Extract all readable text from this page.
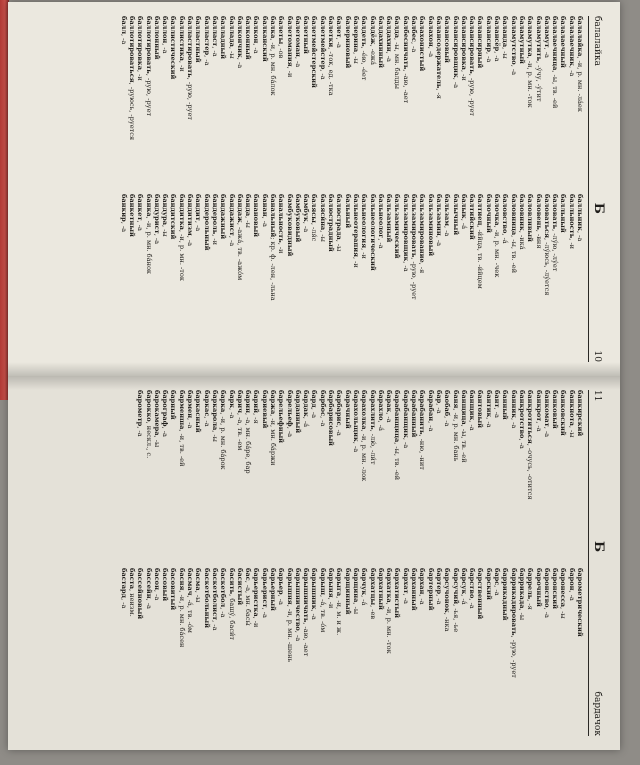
балалайка
Б
10

балалайка, -и, р. мн. -ла́ек

балалаечник, -а

балалаечный

балалаечница, -ы, тв. -ей

баламут, -а

баламутить, -у́чу, -у́тит

баламутка, -и, р. мн. -ток

баламутный

баламутство, -а

баланда, -ы

балансёр, -а

балансир, -а

балансирный

балансировать, -рую, -рует

балансировка, -и

балансировщик, -а

балансовый

балансодержатель, -я

балахон, -а

балахонистый

балбес, -а

балбесничать, -аю, -ает

балда, -ы, мн. балды

балдахин, -а

балдахинный

балдёж, -ежа́

балдеть, -е́ю, -е́ет

балерина, -ы

балериновый

балет, -а

балетки, -ток, ед. -тка

балетмейстер, -а

балетмейстерский

балетный

балетоман, -а

балетомания, -и

балеты, -ов

балка, -и, р. мн. ба́лок

балканский

балкон, -а

балконный

балкончик, -а

баллада, -ы

балладный

балласт, -а

балластер, -а

балластный

балластировать, -рую, -рует

баллистика, -и

баллистический

баллон, -а

баллонный

баллотировать, -рую, -рует

баллотировка, -и

баллотироваться, -руюсь, -руется

балл, -а

балльник, -а

балльность, -и

балльный

баловать, -лу́ю, -лу́ет

баловаться, -лу́юсь, -лу́ется

баловень, -вня

баловливый

баловник, -ика́

баловница, -ы, тв. -ей

баловство, -а́

балочка, -и, р. мн. -чек

балочный

балтиец, -и́йца, тв. -и́йцем

балтийский

балык, -а́

балычный

бальзам, -а

бальзамин, -а

бальзаминовый

бальзамирование, -я

бальзамировать, -рую, -рует

бальзамировщик, -а

бальзамический

бальзамный

бальнеолог, -а

бальнеологический

бальнеология, -и

бальнеотерапия, -и

бальный

балюстрада, -ы

балюстрадный

баляси́на, -ы

балясы, -ля́с

бамбук, -а

бамбуковый

бамбуковидный

банальность, -и

банальный; кр. ф. -лен, -льна

банан, -а

банановый

банда, -ы

бандаж, -ажа́, тв. -ажо́м

бандажист, -а

бандажный

бандероль, -и

бандерольный

бандит, -а

бандитизм, -а

бандитка, -и, р. мн. -ток

бандитский

бандура, -ы

бандурист, -а

банка, -и, р. мн. ба́нок

банкет, -а

банкетный

банкир, -а

11
Б
бардачок

банкирский

банкнота, -ы

банковский

банковый

банкомат, -а

банкрот, -а

банкротиться, -очусь, -отится

банкротство, -а

банник, -а

банный

бант, -а

бантик, -а

бантовый

банщик, -а

банщица, -ы, тв. -ей

баня, -и, р. мн. бань

баобаб, -а

бар, -а

барабан, -а

барабанить, -ню, -нит

барабанный

барабанщик, -а

барабанщица, -ы, тв. -ей

барак, -а

барахло, -а́

барахлить, -лю́, -ли́т

барахолка, -и, р. мн. -лок

барахольщик, -а

барачный

барбарис, -а

барбарисовый

барбос, -а

бард, -а

бардак, -а́

барданный

барельеф, -а

барельефный

баржа, -и, мн. ба́ржи

бариевый

барий, -я

барин, -а, мн. ба́ре, бар

барич, -а, тв. -ем

барк, -а

барка, -и, р. мн. ба́рок

баркарола, -ы

баркас, -а

баркасный

бармен, -а

барменша, -и, тв. -ей

барный

барограф, -а

барокамера, -ы

барокко, нескл., с.

барометр, -а

барометрический

барон, -а

баронесса, -ы

баронский

баронство, -а

барочный

баррель, -я

баррикада, -ы

баррикадировать, -рую, -рует

баррикадный

барс, -а

барский

барственный

барство, -а

барсук, -а́

барсучий, -ья, -ье

барсучонок, -нка

бартер, -а

бартерный

бархан, -а

барханный

бархат, -а

бархатистый

бархатка, -и, р. мн. -ток

бархатный

бархатцы, -ев

барчук, -а́

барщина, -ы

барщинный

барыга, -и, м. и ж.

барыня, -и

барыш, -а́, тв. -о́м

барышник, -а

барышничать, -аю, -ает

барышничество, -а

барышня, -и, р. мн. -шень

барьер, -а

барьерный

барьерист, -а

барьеристка, -и

бас, -а, мн. басы́

басистый

басить, башу́, баси́т

баскетбол, -а

баскетболист, -а

баскетбольный

басма, -ы

басмач, -а́, тв. -о́м

басня, -и, р. мн. ба́сен

басовитый

басовый

басон, -а

бассейн, -а

бассейновый

баста, неизм.

бастард, -а
